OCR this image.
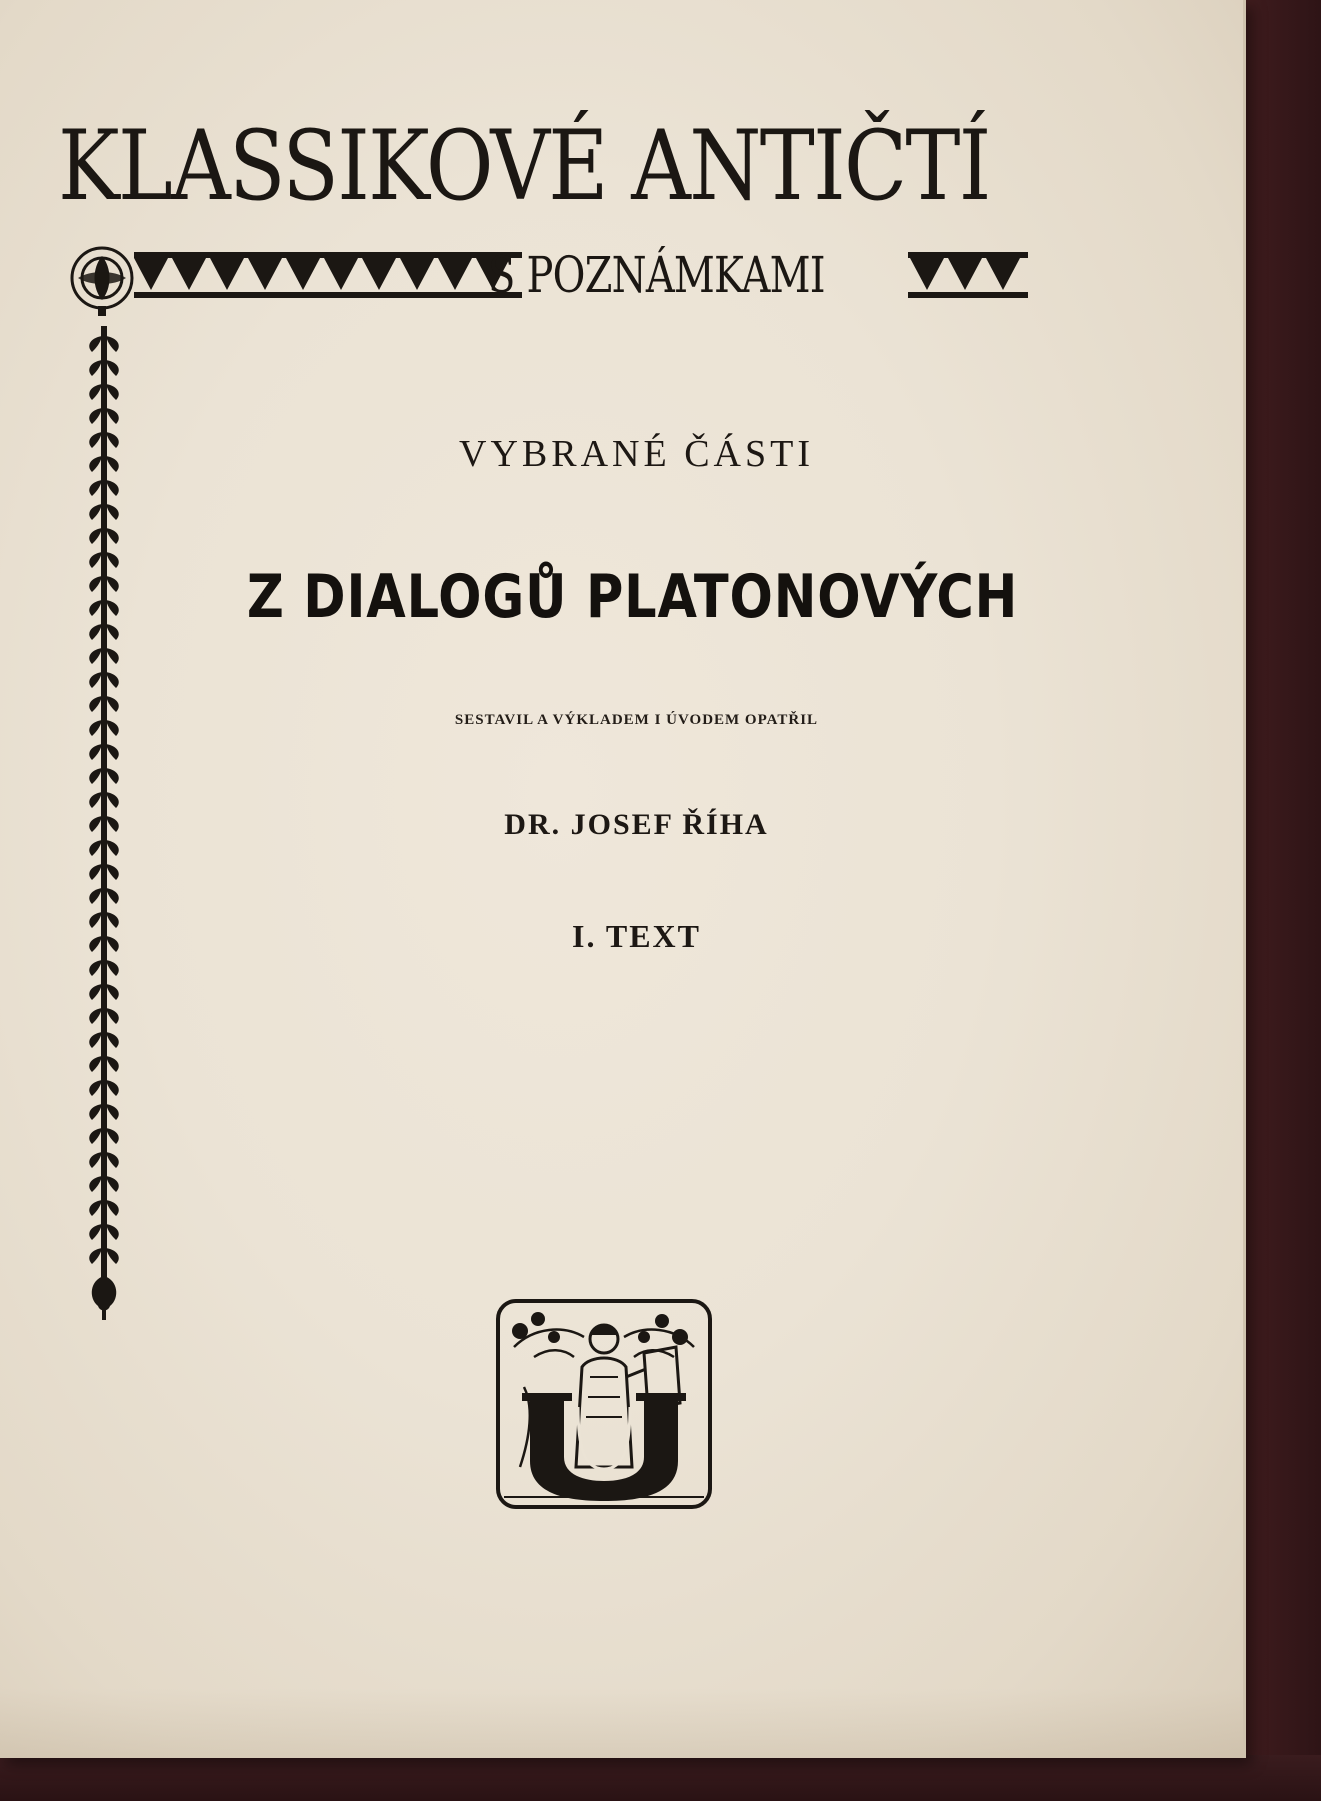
KLASSIKOVÉ ANTIČTÍ
S POZNÁMKAMI
VYBRANÉ ČÁSTI
Z DIALOGŮ PLATONOVÝCH
SESTAVIL A VÝKLADEM I ÚVODEM OPATŘIL
DR. JOSEF ŘÍHA
I. TEXT
